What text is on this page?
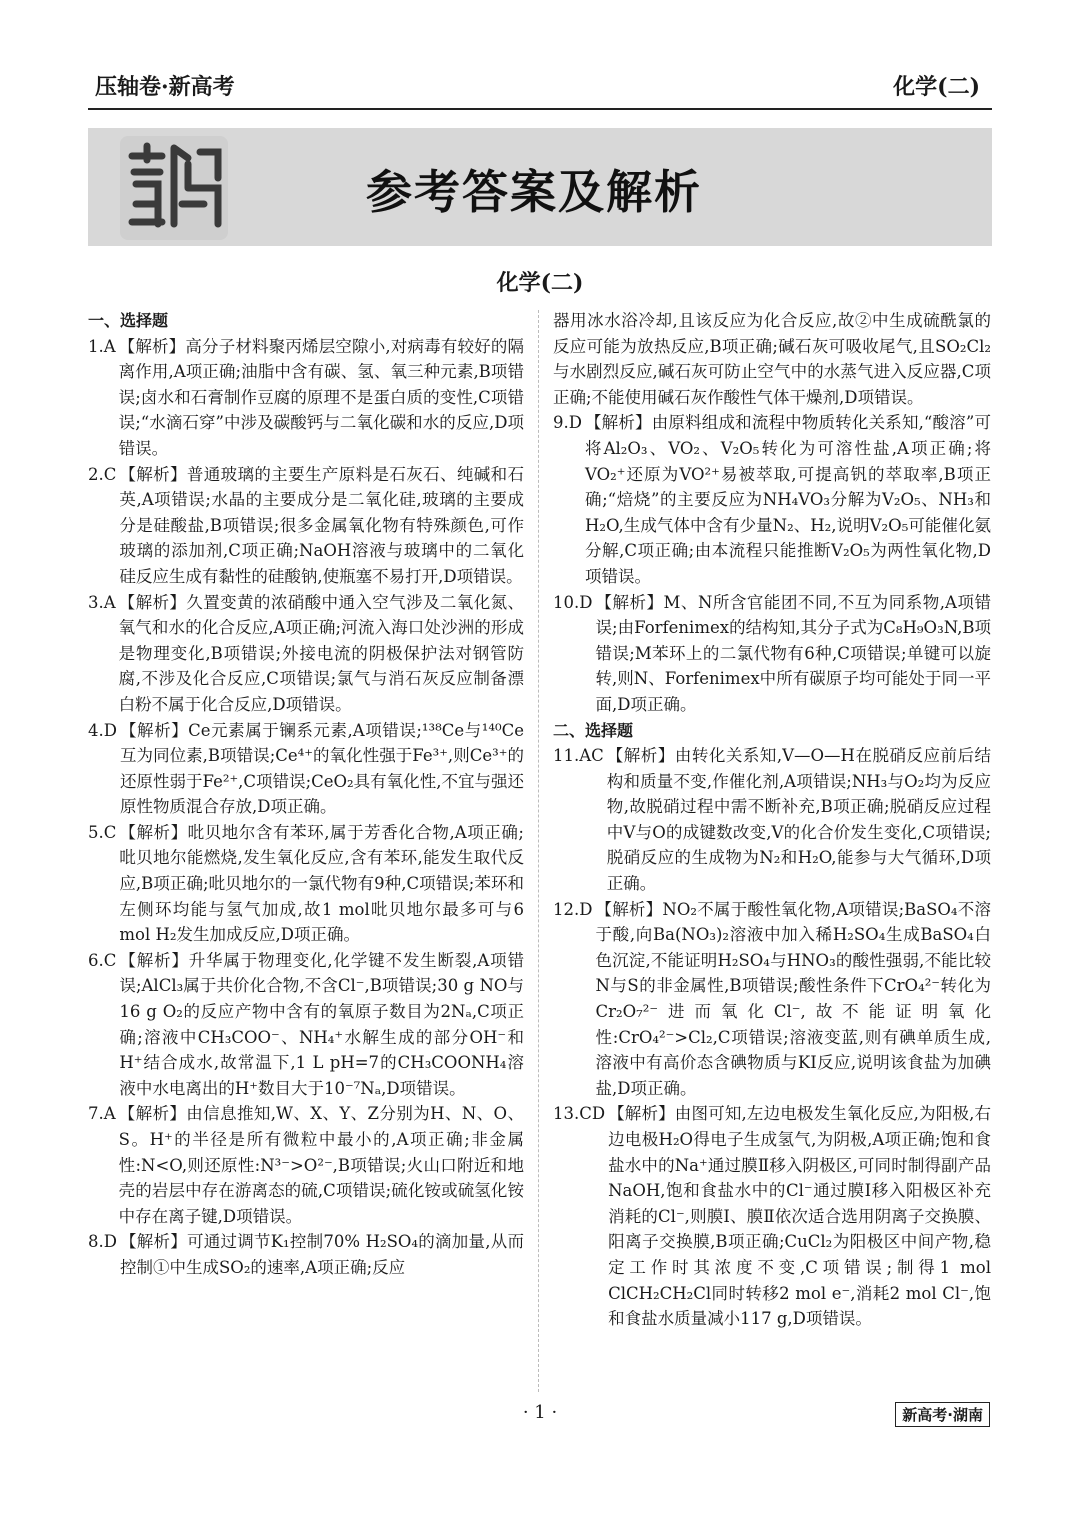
压轴卷·新高考	化学(二)
参考答案及解析
化学(二)
一、选择题
1.A 【解析】高分子材料聚丙烯层空隙小,对病毒有较好的隔离作用,A项正确;油脂中含有碳、氢、氧三种元素,B项错误;卤水和石膏制作豆腐的原理不是蛋白质的变性,C项错误;“水滴石穿”中涉及碳酸钙与二氧化碳和水的反应,D项错误。
2.C 【解析】普通玻璃的主要生产原料是石灰石、纯碱和石英,A项错误;水晶的主要成分是二氧化硅,玻璃的主要成分是硅酸盐,B项错误;很多金属氧化物有特殊颜色,可作玻璃的添加剂,C项正确;NaOH溶液与玻璃中的二氧化硅反应生成有黏性的硅酸钠,使瓶塞不易打开,D项错误。
3.A 【解析】久置变黄的浓硝酸中通入空气涉及二氧化氮、氧气和水的化合反应,A项正确;河流入海口处沙洲的形成是物理变化,B项错误;外接电流的阴极保护法对钢管防腐,不涉及化合反应,C项错误;氯气与消石灰反应制备漂白粉不属于化合反应,D项错误。
4.D 【解析】Ce元素属于镧系元素,A项错误;¹³⁸Ce与¹⁴⁰Ce互为同位素,B项错误;Ce⁴⁺的氧化性强于Fe³⁺,则Ce³⁺的还原性弱于Fe²⁺,C项错误;CeO₂具有氧化性,不宜与强还原性物质混合存放,D项正确。
5.C 【解析】吡贝地尔含有苯环,属于芳香化合物,A项正确;吡贝地尔能燃烧,发生氧化反应,含有苯环,能发生取代反应,B项正确;吡贝地尔的一氯代物有9种,C项错误;苯环和左侧环均能与氢气加成,故1 mol吡贝地尔最多可与6 mol H₂发生加成反应,D项正确。
6.C 【解析】升华属于物理变化,化学键不发生断裂,A项错误;AlCl₃属于共价化合物,不含Cl⁻,B项错误;30 g NO与16 g O₂的反应产物中含有的氧原子数目为2Nₐ,C项正确;溶液中CH₃COO⁻、NH₄⁺水解生成的部分OH⁻和H⁺结合成水,故常温下,1 L pH=7的CH₃COONH₄溶液中水电离出的H⁺数目大于10⁻⁷Nₐ,D项错误。
7.A 【解析】由信息推知,W、X、Y、Z分别为H、N、O、S。H⁺的半径是所有微粒中最小的,A项正确;非金属性:N<O,则还原性:N³⁻>O²⁻,B项错误;火山口附近和地壳的岩层中存在游离态的硫,C项错误;硫化铵或硫氢化铵中存在离子键,D项错误。
8.D 【解析】可通过调节K₁控制70% H₂SO₄的滴加量,从而控制①中生成SO₂的速率,A项正确;反应

器用冰水浴冷却,且该反应为化合反应,故②中生成硫酰氯的反应可能为放热反应,B项正确;碱石灰可吸收尾气,且SO₂Cl₂与水剧烈反应,碱石灰可防止空气中的水蒸气进入反应器,C项正确;不能使用碱石灰作酸性气体干燥剂,D项错误。

9.D 【解析】由原料组成和流程中物质转化关系知,“酸溶”可将Al₂O₃、VO₂、V₂O₅转化为可溶性盐,A项正确;将VO₂⁺还原为VO²⁺易被萃取,可提高钒的萃取率,B项正确;“焙烧”的主要反应为NH₄VO₃分解为V₂O₅、NH₃和H₂O,生成气体中含有少量N₂、H₂,说明V₂O₅可能催化氨分解,C项正确;由本流程只能推断V₂O₅为两性氧化物,D项错误。
10.D 【解析】M、N所含官能团不同,不互为同系物,A项错误;由Forfenimex的结构知,其分子式为C₈H₉O₃N,B项错误;M苯环上的二氯代物有6种,C项错误;单键可以旋转,则N、Forfenimex中所有碳原子均可能处于同一平面,D项正确。
二、选择题
11.AC 【解析】由转化关系知,V—O—H在脱硝反应前后结构和质量不变,作催化剂,A项错误;NH₃与O₂均为反应物,故脱硝过程中需不断补充,B项正确;脱硝反应过程中V与O的成键数改变,V的化合价发生变化,C项错误;脱硝反应的生成物为N₂和H₂O,能参与大气循环,D项正确。
12.D 【解析】NO₂不属于酸性氧化物,A项错误;BaSO₄不溶于酸,向Ba(NO₃)₂溶液中加入稀H₂SO₄生成BaSO₄白色沉淀,不能证明H₂SO₄与HNO₃的酸性强弱,不能比较N与S的非金属性,B项错误;酸性条件下CrO₄²⁻转化为Cr₂O₇²⁻进而氧化Cl⁻,故不能证明氧化性:CrO₄²⁻>Cl₂,C项错误;溶液变蓝,则有碘单质生成,溶液中有高价态含碘物质与KI反应,说明该食盐为加碘盐,D项正确。
13.CD 【解析】由图可知,左边电极发生氧化反应,为阳极,右边电极H₂O得电子生成氢气,为阴极,A项正确;饱和食盐水中的Na⁺通过膜Ⅱ移入阴极区,可同时制得副产品NaOH,饱和食盐水中的Cl⁻通过膜Ⅰ移入阳极区补充消耗的Cl⁻,则膜Ⅰ、膜Ⅱ依次适合选用阴离子交换膜、阳离子交换膜,B项正确;CuCl₂为阳极区中间产物,稳定工作时其浓度不变,C项错误;制得1 mol ClCH₂CH₂Cl同时转移2 mol e⁻,消耗2 mol Cl⁻,饱和食盐水质量减小117 g,D项错误。
· 1 ·	新高考·湖南
